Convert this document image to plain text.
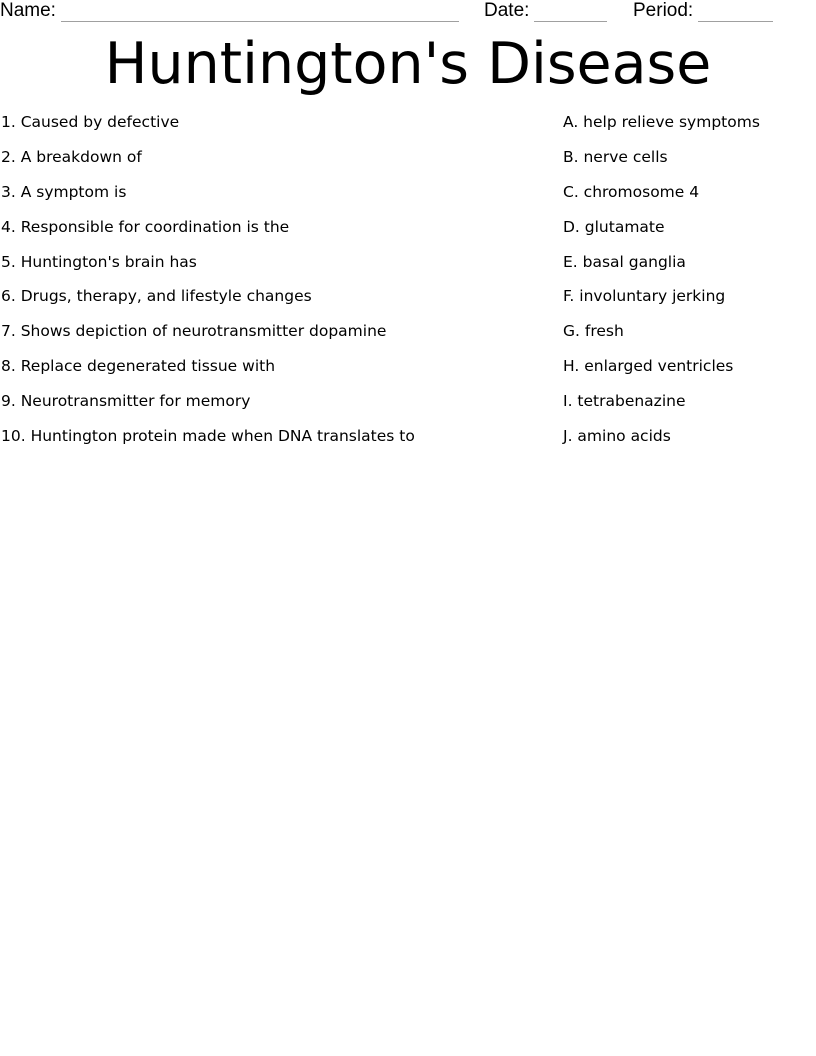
Name:	Date:	Period:
Huntington's Disease
1. Caused by defective
2. A breakdown of
3. A symptom is
4. Responsible for coordination is the
5. Huntington's brain has
6. Drugs, therapy, and lifestyle changes
7. Shows depiction of neurotransmitter dopamine
8. Replace degenerated tissue with
9. Neurotransmitter for memory
10. Huntington protein made when DNA translates to
A. help relieve symptoms
B. nerve cells
C. chromosome 4
D. glutamate
E. basal ganglia
F. involuntary jerking
G. fresh
H. enlarged ventricles
I. tetrabenazine
J. amino acids
